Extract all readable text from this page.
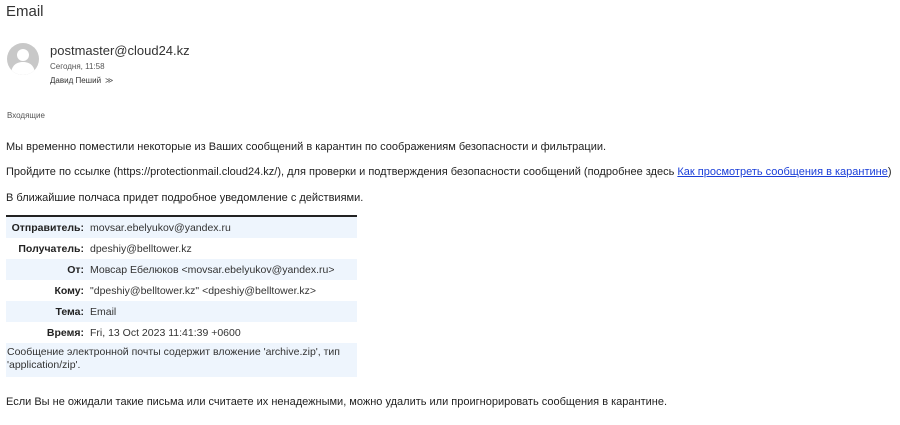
Email
postmaster@cloud24.kz
Сегодня, 11:58
Давид Пеший ≫
Входящие
Мы временно поместили некоторые из Ваших сообщений в карантин по соображениям безопасности и фильтрации.
Пройдите по ссылке (https://protectionmail.cloud24.kz/), для проверки и подтверждения безопасности сообщений (подробнее здесь Как просмотреть сообщения в карантине)
В ближайшие полчаса придет подробное уведомление с действиями.
Отправитель: movsar.ebelyukov@yandex.ru
Получатель: dpeshiy@belltower.kz
От: Мовсар Ебелюков <movsar.ebelyukov@yandex.ru>
Кому: "dpeshiy@belltower.kz" <dpeshiy@belltower.kz>
Тема: Email
Время: Fri, 13 Oct 2023 11:41:39 +0600
Сообщение электронной почты содержит вложение 'archive.zip', тип 'application/zip'.
Если Вы не ожидали такие письма или считаете их ненадежными, можно удалить или проигнорировать сообщения в карантине.
